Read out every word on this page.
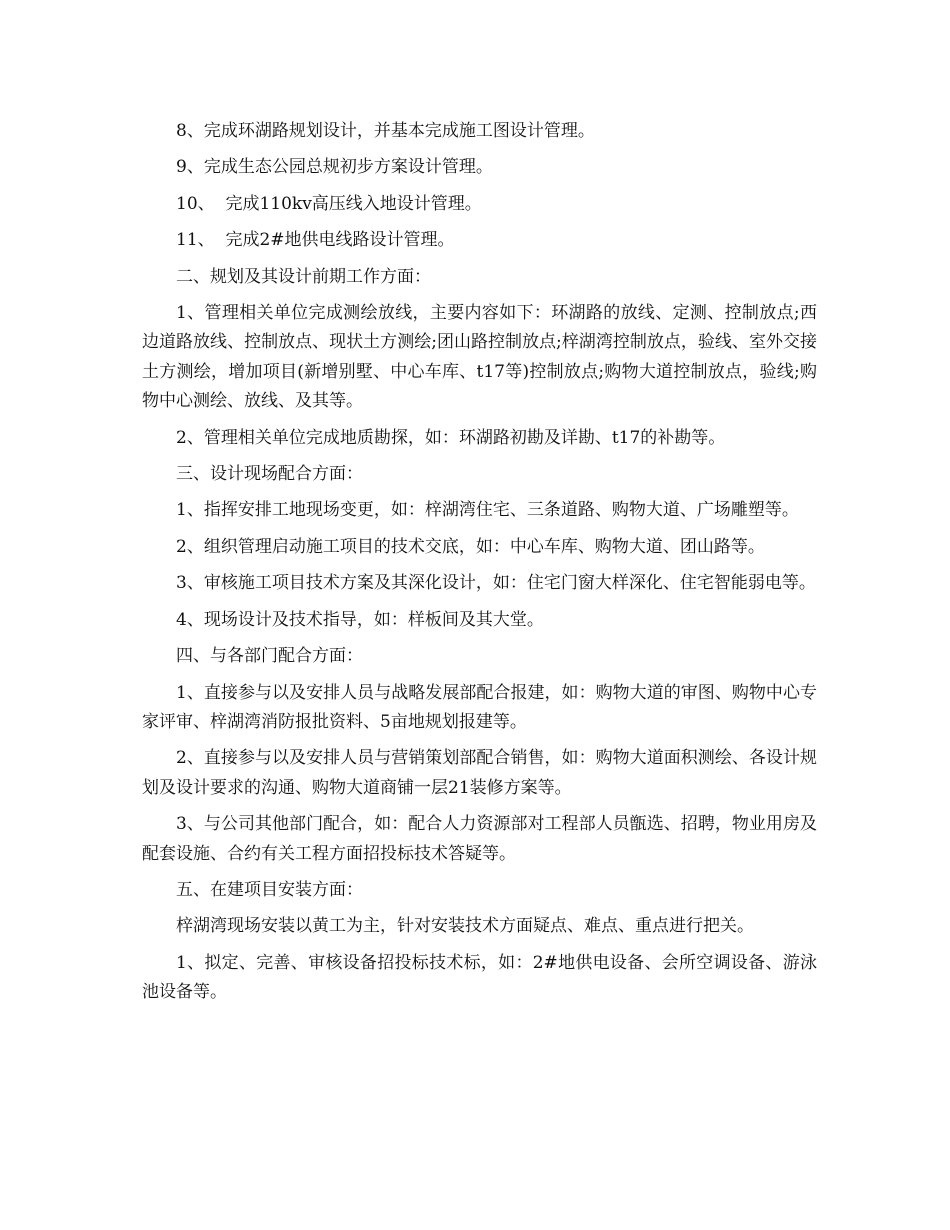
8、完成环湖路规划设计，并基本完成施工图设计管理。

9、完成生态公园总规初步方案设计管理。

10、  完成110kv高压线入地设计管理。

11、  完成2#地供电线路设计管理。

二、规划及其设计前期工作方面：

1、管理相关单位完成测绘放线，主要内容如下：环湖路的放线、定测、控制放点;西边道路放线、控制放点、现状土方测绘;团山路控制放点;梓湖湾控制放点，验线、室外交接土方测绘，增加项目(新增别墅、中心车库、t17等)控制放点;购物大道控制放点，验线;购物中心测绘、放线、及其等。

2、管理相关单位完成地质勘探，如：环湖路初勘及详勘、t17的补勘等。

三、设计现场配合方面：

1、指挥安排工地现场变更，如：梓湖湾住宅、三条道路、购物大道、广场雕塑等。

2、组织管理启动施工项目的技术交底，如：中心车库、购物大道、团山路等。

3、审核施工项目技术方案及其深化设计，如：住宅门窗大样深化、住宅智能弱电等。

4、现场设计及技术指导，如：样板间及其大堂。

四、与各部门配合方面：

1、直接参与以及安排人员与战略发展部配合报建，如：购物大道的审图、购物中心专家评审、梓湖湾消防报批资料、5亩地规划报建等。

2、直接参与以及安排人员与营销策划部配合销售，如：购物大道面积测绘、各设计规划及设计要求的沟通、购物大道商铺一层21装修方案等。

3、与公司其他部门配合，如：配合人力资源部对工程部人员甑选、招聘，物业用房及配套设施、合约有关工程方面招投标技术答疑等。

五、在建项目安装方面：

梓湖湾现场安装以黄工为主，针对安装技术方面疑点、难点、重点进行把关。

1、拟定、完善、审核设备招投标技术标，如：2#地供电设备、会所空调设备、游泳池设备等。
